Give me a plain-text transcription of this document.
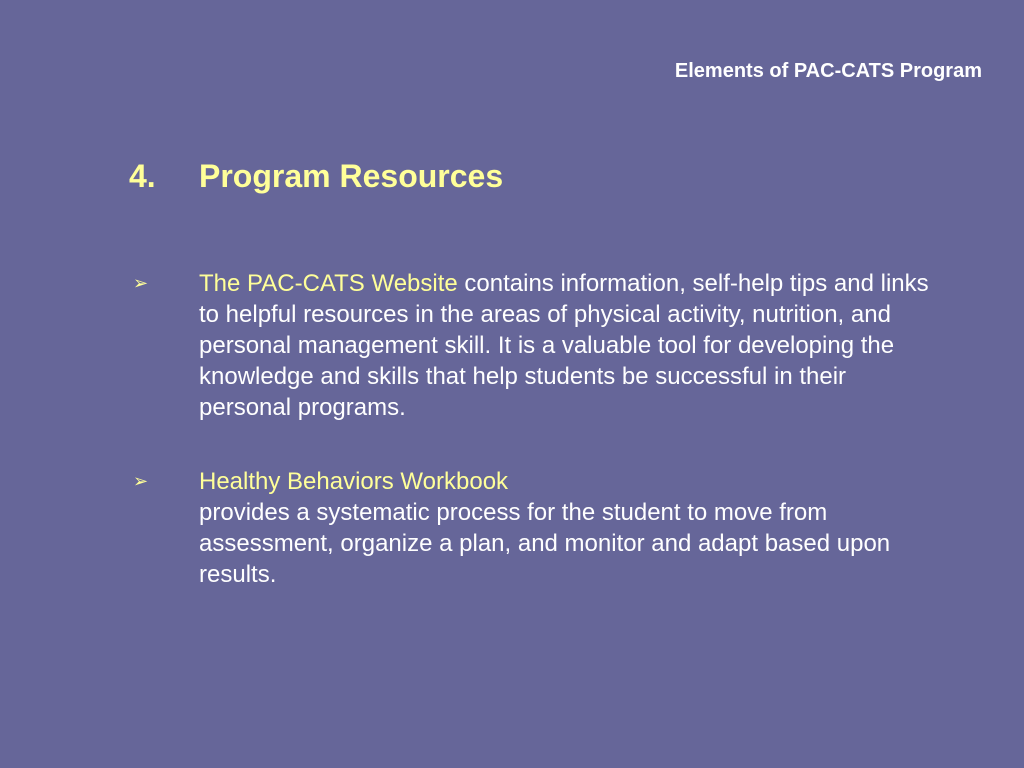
Elements of PAC-CATS Program
4. Program Resources
➢	The PAC-CATS Website contains information, self-help tips and links to helpful resources in the areas of physical activity, nutrition, and personal management skill. It is a valuable tool for developing the knowledge and skills that help students be successful in their personal programs.
➢	Healthy Behaviors Workbook
provides a systematic process for the student to move from assessment, organize a plan, and monitor and adapt based upon results.
